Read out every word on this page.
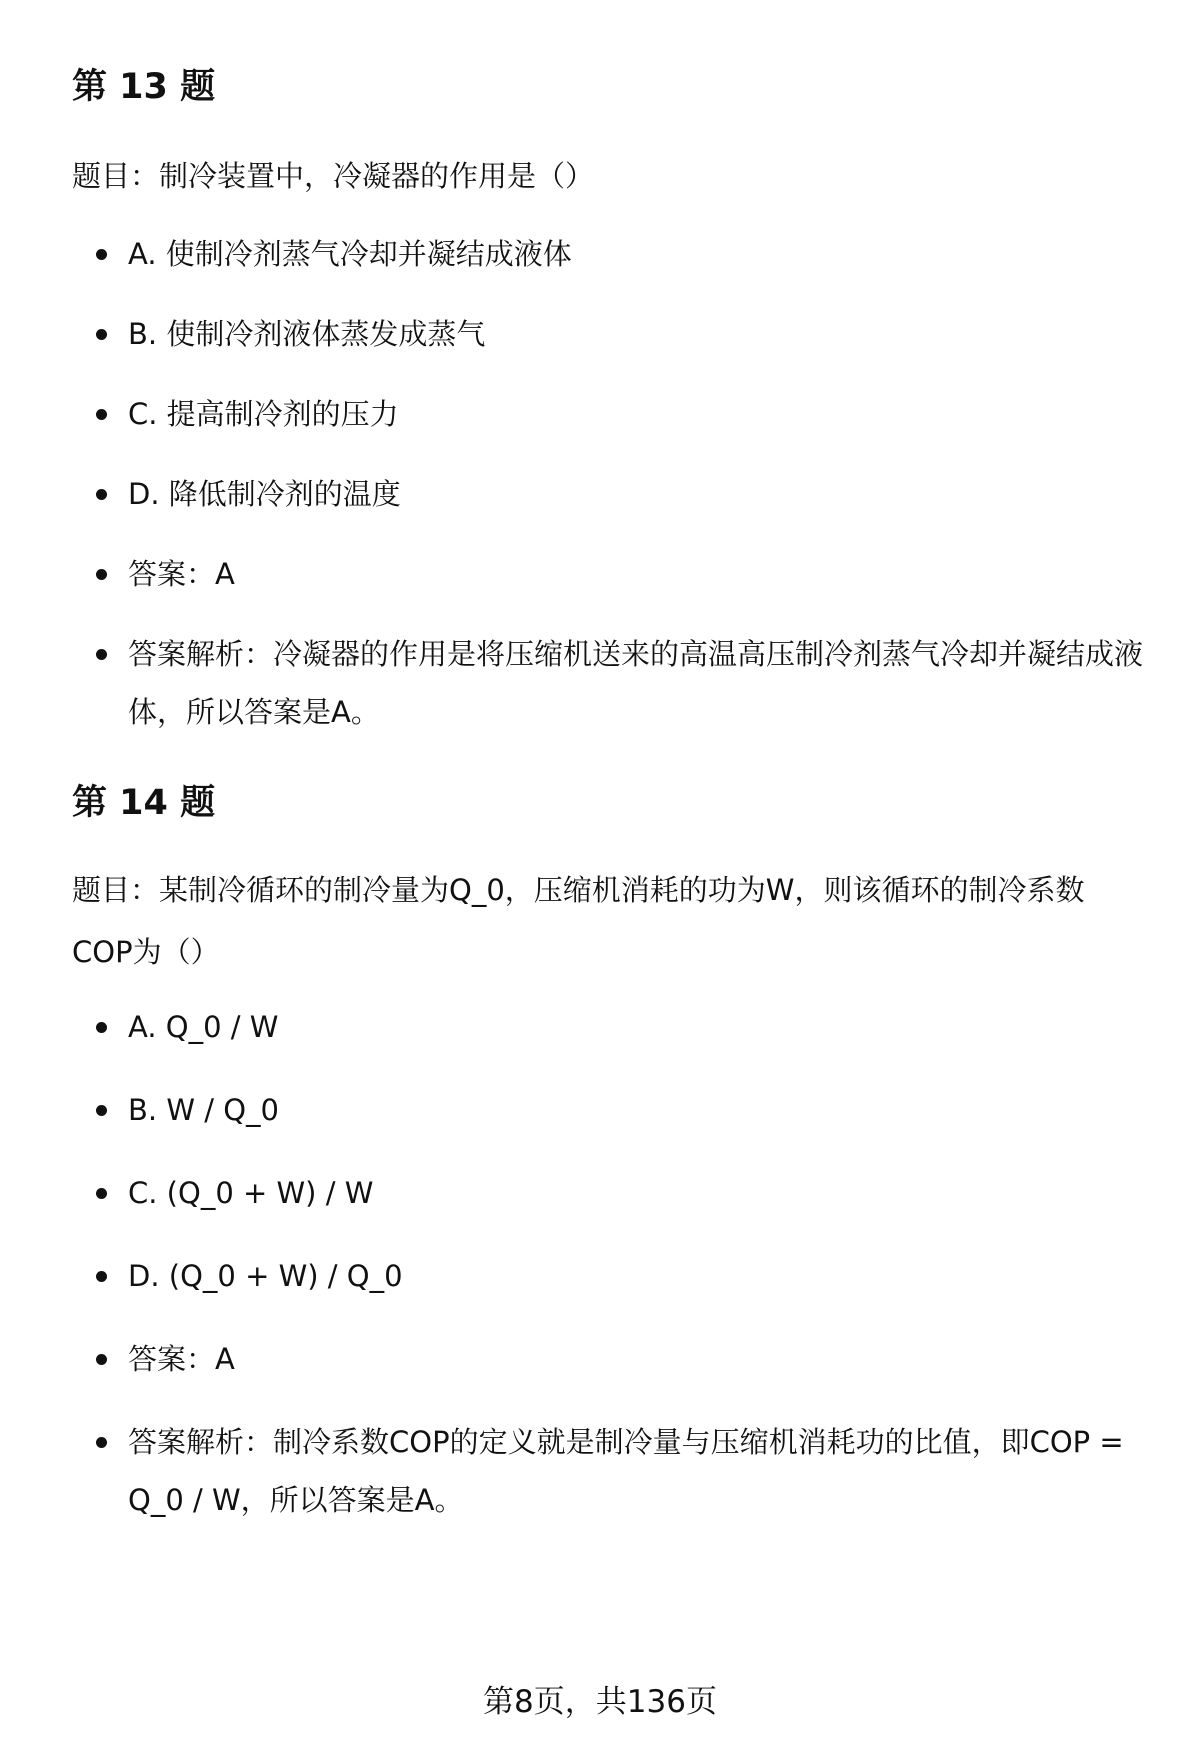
第 13 题

题目：制冷装置中，冷凝器的作用是（）

A. 使制冷剂蒸气冷却并凝结成液体
B. 使制冷剂液体蒸发成蒸气
C. 提高制冷剂的压力
D. 降低制冷剂的温度
答案：A
答案解析：冷凝器的作用是将压缩机送来的高温高压制冷剂蒸气冷却并凝结成液体，所以答案是A。
第 14 题

题目：某制冷循环的制冷量为Q_0，压缩机消耗的功为W，则该循环的制冷系数COP为（）

A. Q_0 / W
B. W / Q_0
C. (Q_0 + W) / W
D. (Q_0 + W) / Q_0
答案：A
答案解析：制冷系数COP的定义就是制冷量与压缩机消耗功的比值，即COP = Q_0 / W，所以答案是A。
第8页，共136页
